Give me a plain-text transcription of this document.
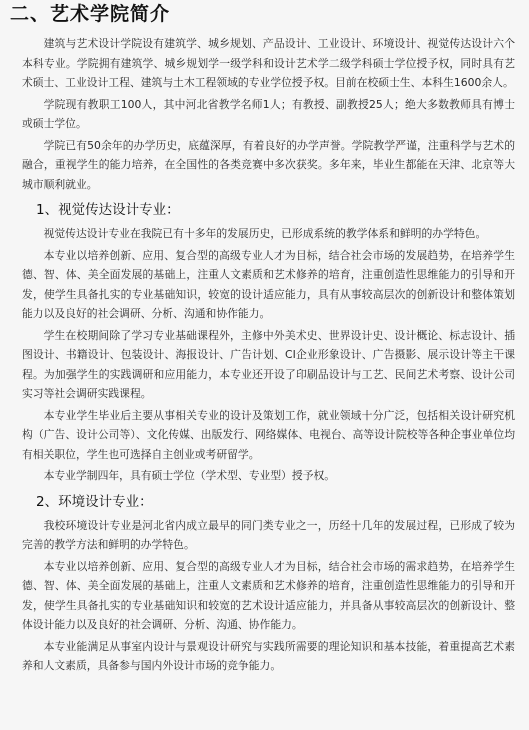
二、艺术学院简介

建筑与艺术设计学院设有建筑学、城乡规划、产品设计、工业设计、环境设计、视觉传达设计六个本科专业。学院拥有建筑学、城乡规划学一级学科和设计艺术学二级学科硕士学位授予权，同时具有艺术硕士、工业设计工程、建筑与土木工程领域的专业学位授予权。目前在校硕士生、本科生1600余人。

学院现有教职工100人，其中河北省教学名师1人；有教授、副教授25人；绝大多数教师具有博士或硕士学位。

学院已有50余年的办学历史，底蕴深厚，有着良好的办学声誉。学院教学严谨，注重科学与艺术的融合，重视学生的能力培养，在全国性的各类竞赛中多次获奖。多年来，毕业生都能在天津、北京等大城市顺利就业。

1、视觉传达设计专业：

视觉传达设计专业在我院已有十多年的发展历史，已形成系统的教学体系和鲜明的办学特色。

本专业以培养创新、应用、复合型的高级专业人才为目标，结合社会市场的发展趋势，在培养学生德、智、体、美全面发展的基础上，注重人文素质和艺术修养的培育，注重创造性思维能力的引导和开发，使学生具备扎实的专业基础知识，较宽的设计适应能力，具有从事较高层次的创新设计和整体策划能力以及良好的社会调研、分析、沟通和协作能力。

学生在校期间除了学习专业基础课程外，主修中外美术史、世界设计史、设计概论、标志设计、插图设计、书籍设计、包装设计、海报设计、广告计划、CI企业形象设计、广告摄影、展示设计等主干课程。为加强学生的实践调研和应用能力，本专业还开设了印刷品设计与工艺、民间艺术考察、设计公司实习等社会调研实践课程。

本专业学生毕业后主要从事相关专业的设计及策划工作，就业领域十分广泛，包括相关设计研究机构（广告、设计公司等）、文化传媒、出版发行、网络媒体、电视台、高等设计院校等各种企事业单位均有相关职位，学生也可选择自主创业或考研留学。

本专业学制四年，具有硕士学位（学术型、专业型）授予权。

2、环境设计专业：

我校环境设计专业是河北省内成立最早的同门类专业之一，历经十几年的发展过程，已形成了较为完善的教学方法和鲜明的办学特色。

本专业以培养创新、应用、复合型的高级专业人才为目标，结合社会市场的需求趋势，在培养学生德、智、体、美全面发展的基础上，注重人文素质和艺术修养的培育，注重创造性思维能力的引导和开发，使学生具备扎实的专业基础知识和较宽的艺术设计适应能力，并具备从事较高层次的创新设计、整体设计能力以及良好的社会调研、分析、沟通、协作能力。

本专业能满足从事室内设计与景观设计研究与实践所需要的理论知识和基本技能，着重提高艺术素养和人文素质，具备参与国内外设计市场的竞争能力。
